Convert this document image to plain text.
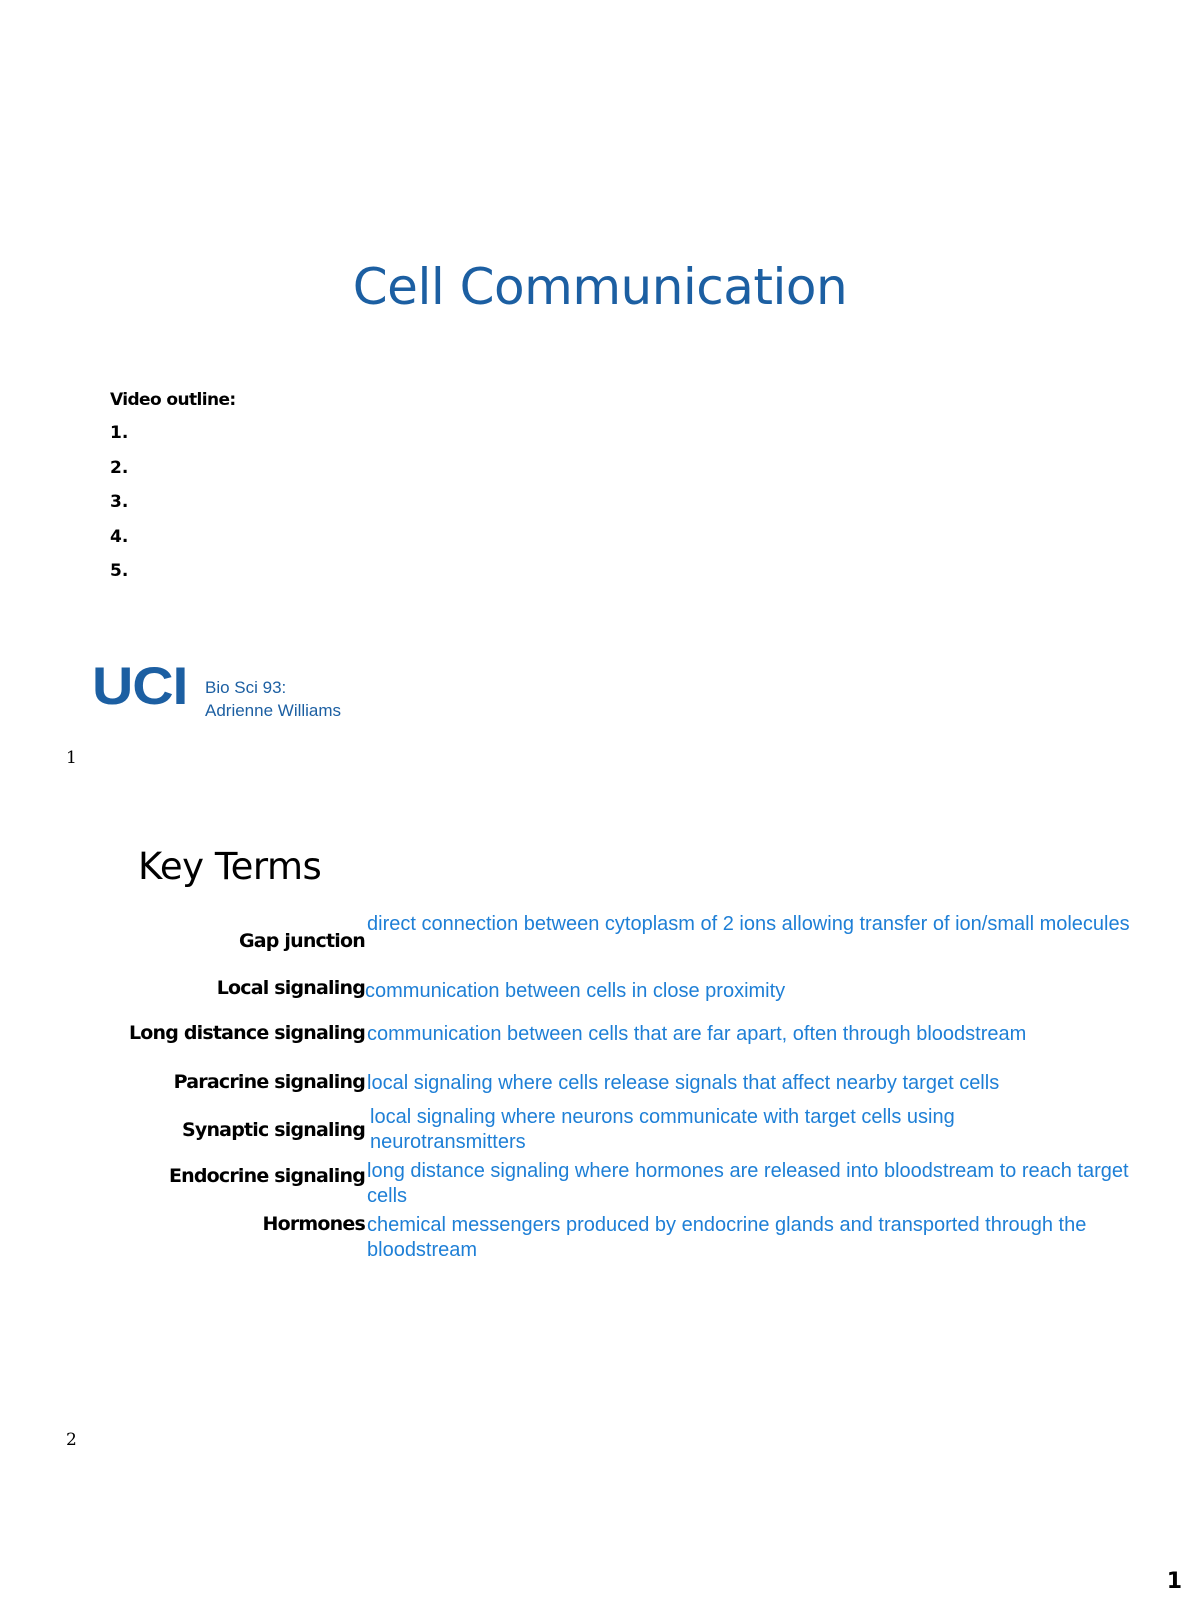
Cell Communication
Video outline:
1.
2.
3.
4.
5.
UCI Bio Sci 93:
Adrienne Williams
1
Key Terms
Gap junction
direct connection between cytoplasm of 2 ions allowing transfer of ion/small molecules
Local signaling communication between cells in close proximity
Long distance signaling communication between cells that are far apart, often through bloodstream
Paracrine signaling local signaling where cells release signals that affect nearby target cells
Synaptic signaling
local signaling where neurons communicate with target cells using neurotransmitters
Endocrine signaling long distance signaling where hormones are released into bloodstream to reach target cells
Hormones chemical messengers produced by endocrine glands and transported through the bloodstream
2
1
